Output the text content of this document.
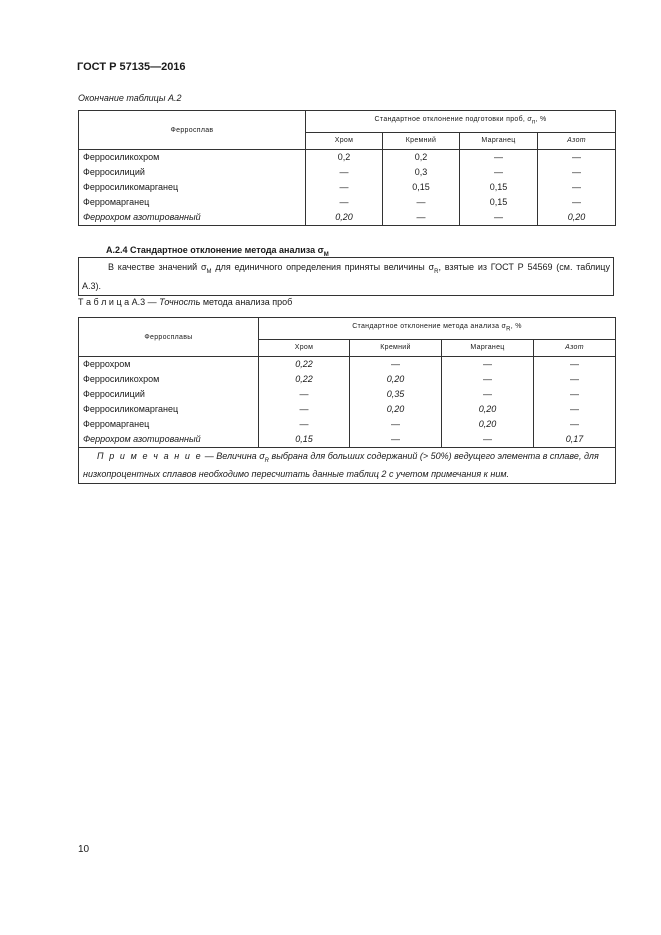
ГОСТ Р 57135—2016
Окончание таблицы А.2
Ферросплав	Стандартное отклонение подготовки проб, $\sigma_п$, %			
	Хром	Кремний	Марганец	Азот
Ферросиликохром	0,2	0,2	—	—
Ферросилиций	—	0,3	—	—
Ферросиликомарганец	—	0,15	0,15	—
Ферромарганец	—	—	0,15	—
Феррохром азотированный	0,20	—	—	0,20
А.2.4 Стандартное отклонение метода анализа $\sigma_М$
В качестве значений $\sigma_М$ для единичного определения приняты величины $\sigma_R$, взятые из ГОСТ Р 54569 (см. таблицу А.3).
Т а б л и ц а А.3 — Точность метода анализа проб
Ферросплавы	Стандартное отклонение метода анализа $\sigma_R$, %			
	Хром	Кремний	Марганец	Азот
Феррохром	0,22	—	—	—
Ферросиликохром	0,22	0,20	—	—
Ферросилиций	—	0,35	—	—
Ферросиликомарганец	—	0,20	0,20	—
Ферромарганец	—	—	0,20	—
Феррохром азотированный	0,15	—	—	0,17
П р и м е ч а н и е — Величина $\sigma_R$ выбрана для больших содержаний (> 50%) ведущего элемента в сплаве, для низкопроцентных сплавов необходимо пересчитать данные таблиц 2 с учетом примечания к ним.				
10
